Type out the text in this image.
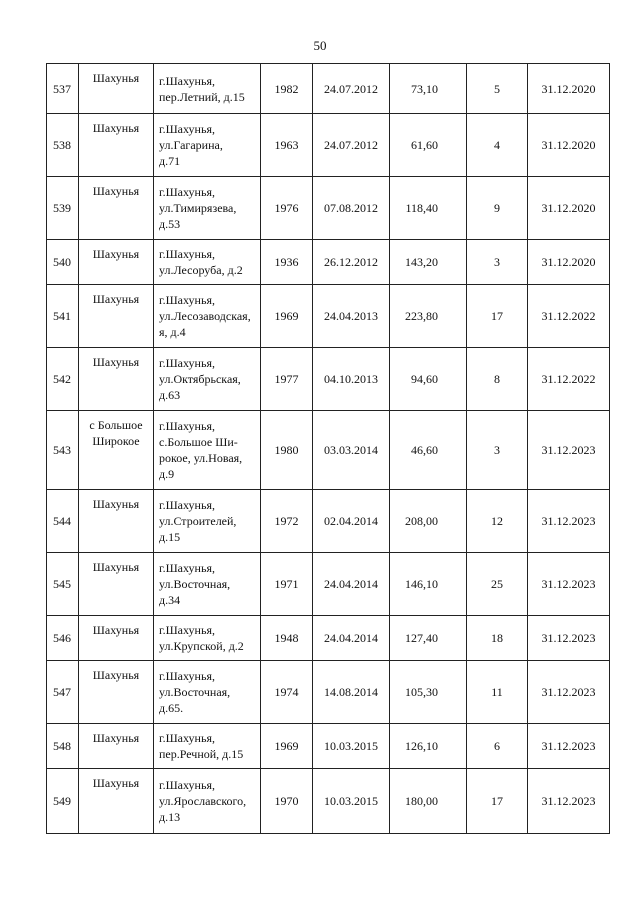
50
537	Шахунья	г.Шахунья,
пер.Летний, д.15	1982	24.07.2012	73,10	5	31.12.2020
538	Шахунья	г.Шахунья,
ул.Гагарина,
д.71	1963	24.07.2012	61,60	4	31.12.2020
539	Шахунья	г.Шахунья,
ул.Тимирязева,
д.53	1976	07.08.2012	118,40	9	31.12.2020
540	Шахунья	г.Шахунья,
ул.Лесоруба, д.2	1936	26.12.2012	143,20	3	31.12.2020
541	Шахунья	г.Шахунья,
ул.Лесозаводская,
я, д.4	1969	24.04.2013	223,80	17	31.12.2022
542	Шахунья	г.Шахунья,
ул.Октябрьская,
д.63	1977	04.10.2013	94,60	8	31.12.2022
543	с Большое Широкое	г.Шахунья,
с.Большое Ши-
рокое, ул.Новая,
д.9	1980	03.03.2014	46,60	3	31.12.2023
544	Шахунья	г.Шахунья,
ул.Строителей,
д.15	1972	02.04.2014	208,00	12	31.12.2023
545	Шахунья	г.Шахунья,
ул.Восточная,
д.34	1971	24.04.2014	146,10	25	31.12.2023
546	Шахунья	г.Шахунья,
ул.Крупской, д.2	1948	24.04.2014	127,40	18	31.12.2023
547	Шахунья	г.Шахунья,
ул.Восточная,
д.65.	1974	14.08.2014	105,30	11	31.12.2023
548	Шахунья	г.Шахунья,
пер.Речной, д.15	1969	10.03.2015	126,10	6	31.12.2023
549	Шахунья	г.Шахунья,
ул.Ярославского,
д.13	1970	10.03.2015	180,00	17	31.12.2023
